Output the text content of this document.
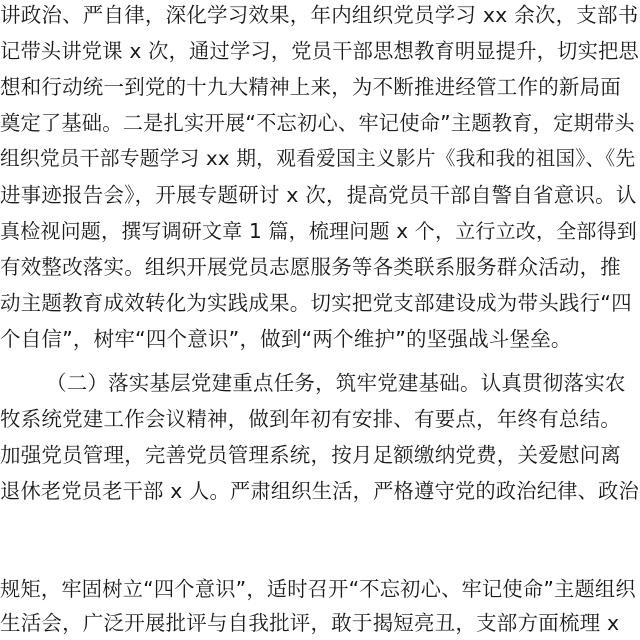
讲政治、严自律，深化学习效果，年内组织党员学习 xx 余次，支部书
记带头讲党课 x 次，通过学习，党员干部思想教育明显提升，切实把思
想和行动统一到党的十九大精神上来，为不断推进经管工作的新局面
奠定了基础。二是扎实开展“不忘初心、牢记使命”主题教育，定期带头
组织党员干部专题学习 xx 期，观看爱国主义影片《我和我的祖国》、《先
进事迹报告会》，开展专题研讨 x 次，提高党员干部自警自省意识。认
真检视问题，撰写调研文章 1 篇，梳理问题 x 个，立行立改，全部得到
有效整改落实。组织开展党员志愿服务等各类联系服务群众活动，推
动主题教育成效转化为实践成果。切实把党支部建设成为带头践行“四
个自信”，树牢“四个意识”，做到“两个维护”的坚强战斗堡垒。
（二）落实基层党建重点任务，筑牢党建基础。认真贯彻落实农
牧系统党建工作会议精神，做到年初有安排、有要点，年终有总结。
加强党员管理，完善党员管理系统，按月足额缴纳党费，关爱慰问离
退休老党员老干部 x 人。严肃组织生活，严格遵守党的政治纪律、政治
规矩，牢固树立“四个意识”，适时召开“不忘初心、牢记使命”主题组织
生活会，广泛开展批评与自我批评，敢于揭短亮丑，支部方面梳理 x
